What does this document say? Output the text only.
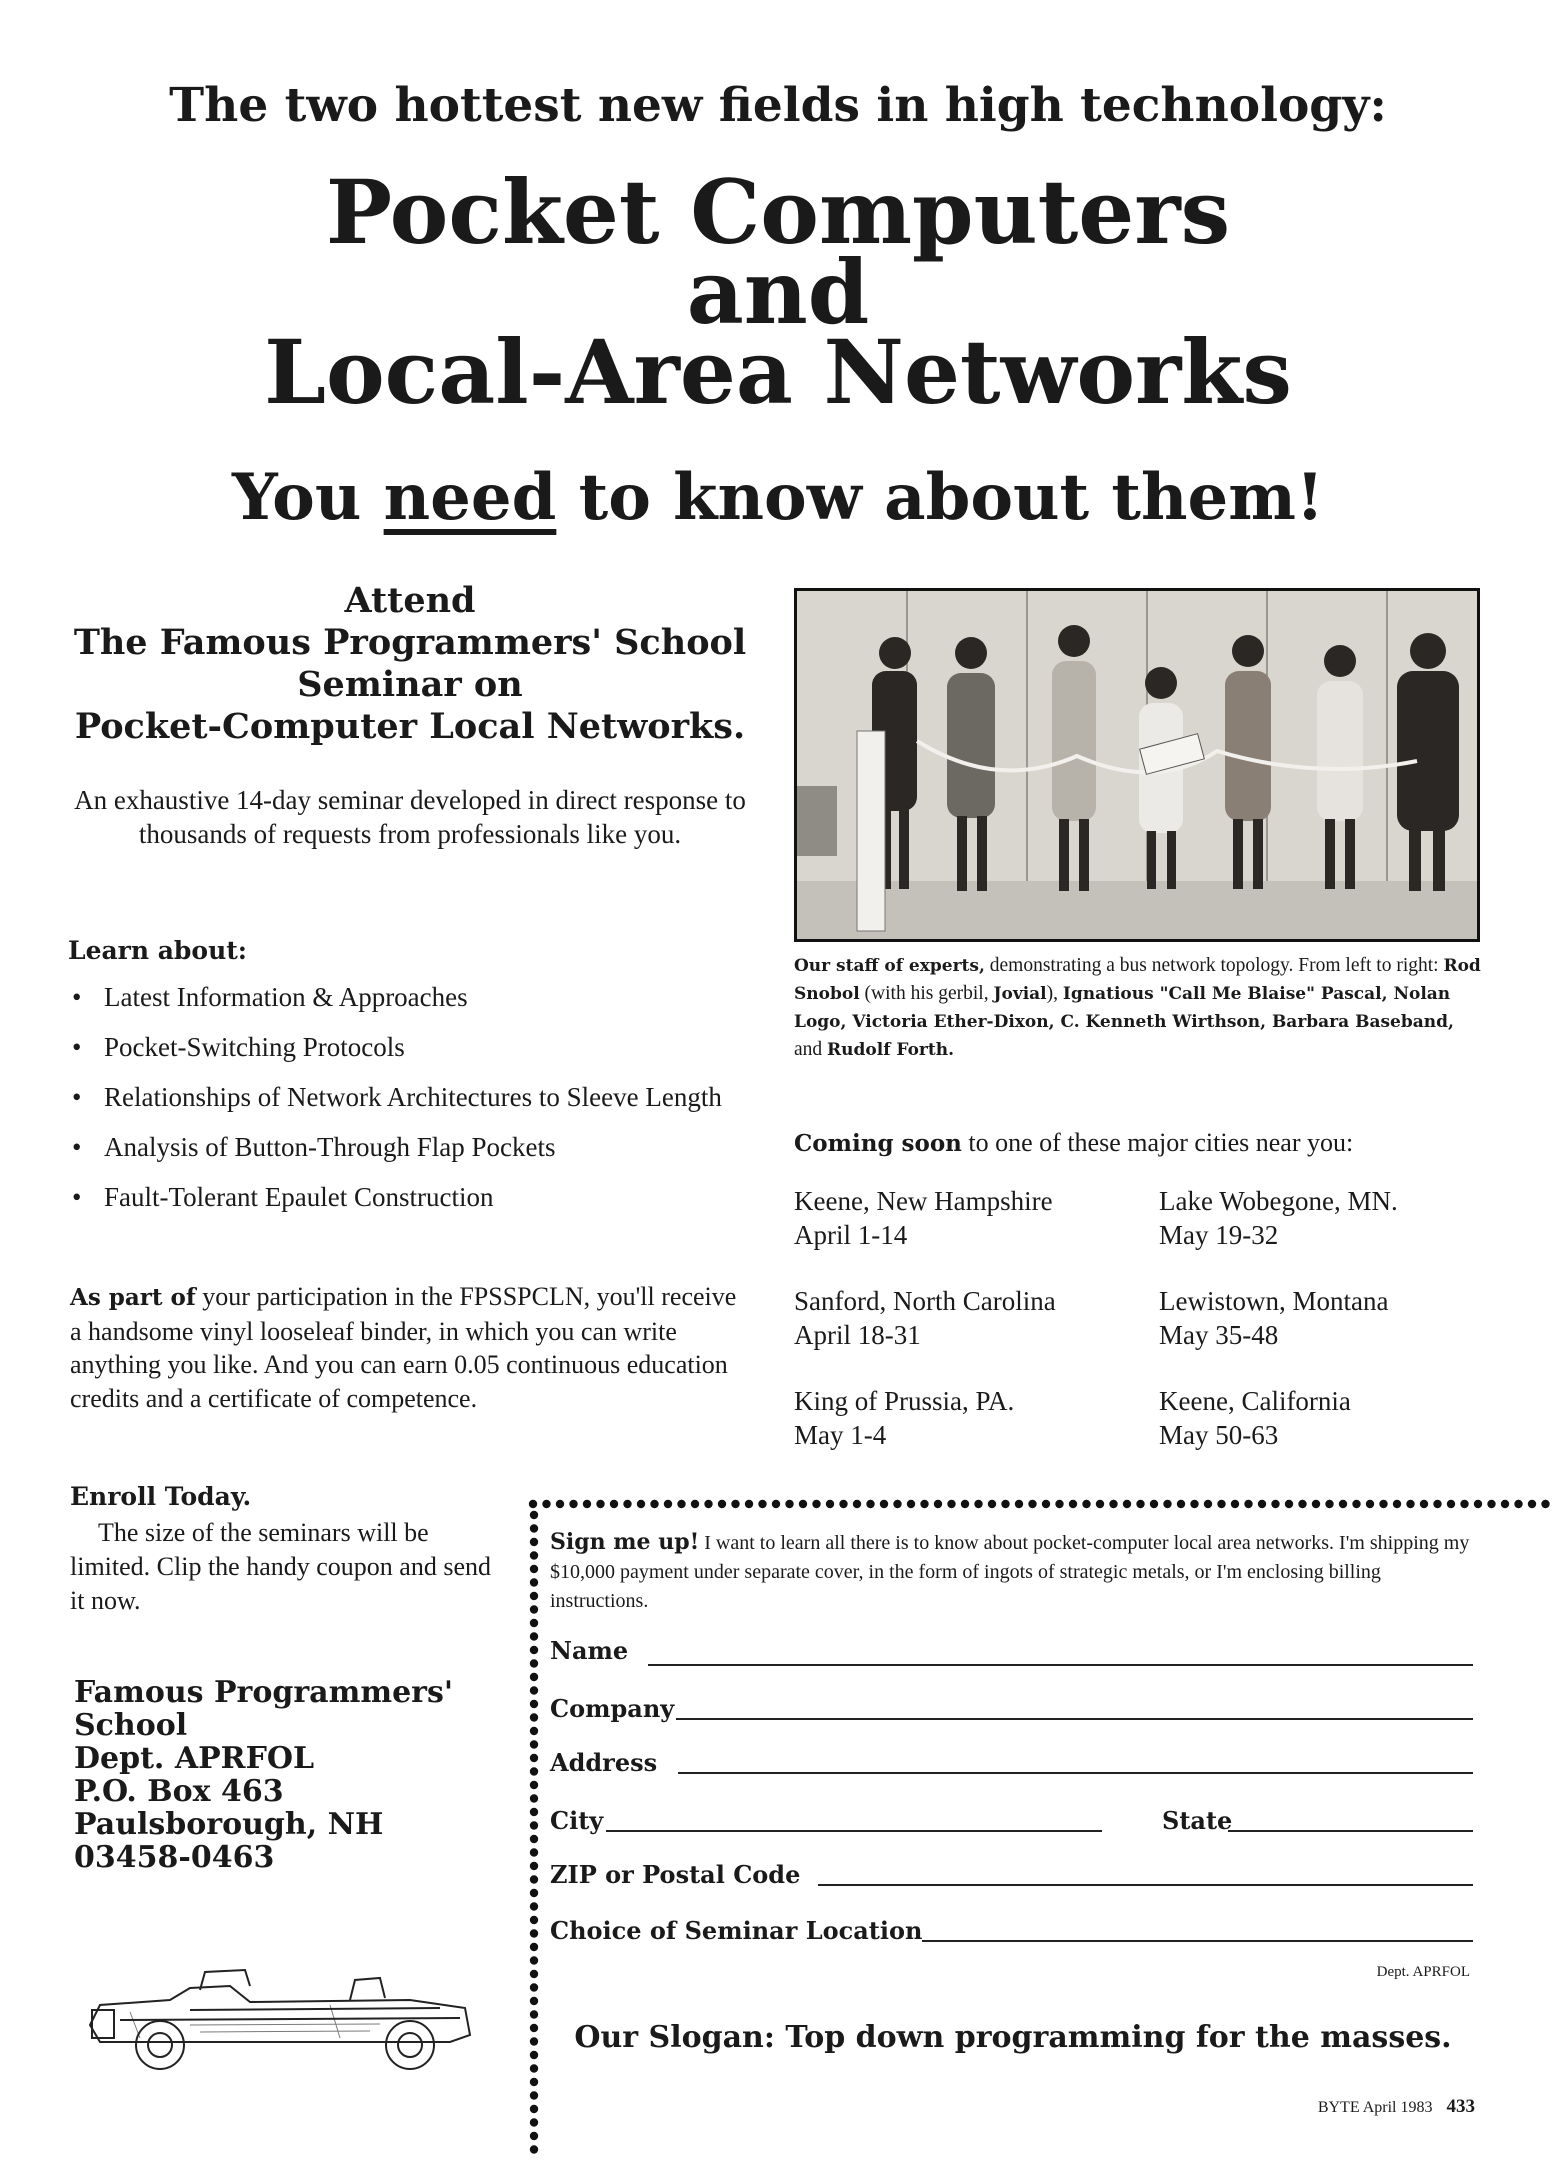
The two hottest new fields in high technology:
Pocket Computers
and
Local-Area Networks
You need to know about them!
Attend
The Famous Programmers' School
Seminar on
Pocket-Computer Local Networks.
An exhaustive 14-day seminar developed in direct response to thousands of requests from professionals like you.
Learn about:
• Latest Information & Approaches
• Pocket-Switching Protocols
• Relationships of Network Architectures to Sleeve Length
• Analysis of Button-Through Flap Pockets
• Fault-Tolerant Epaulet Construction
As part of your participation in the FPSSPCLN, you'll receive a handsome vinyl looseleaf binder, in which you can write anything you like. And you can earn 0.05 continuous education credits and a certificate of competence.
Enroll Today.
The size of the seminars will be limited. Clip the handy coupon and send it now.
Famous Programmers'
School
Dept. APRFOL
P.O. Box 463
Paulsborough, NH
03458-0463
Our staff of experts, demonstrating a bus network topology. From left to right: Rod Snobol (with his gerbil, Jovial), Ignatious "Call Me Blaise" Pascal, Nolan Logo, Victoria Ether-Dixon, C. Kenneth Wirthson, Barbara Baseband, and Rudolf Forth.
Coming soon to one of these major cities near you:
Keene, New Hampshire
April 1-14
Lake Wobegone, MN.
May 19-32
Sanford, North Carolina
April 18-31
Lewistown, Montana
May 35-48
King of Prussia, PA.
May 1-4
Keene, California
May 50-63
Sign me up! I want to learn all there is to know about pocket-computer local area networks. I'm shipping my $10,000 payment under separate cover, in the form of ingots of strategic metals, or I'm enclosing billing instructions.
Name
Company
Address
City	State
ZIP or Postal Code
Choice of Seminar Location
Dept. APRFOL
Our Slogan: Top down programming for the masses.
BYTE April 1983 433
